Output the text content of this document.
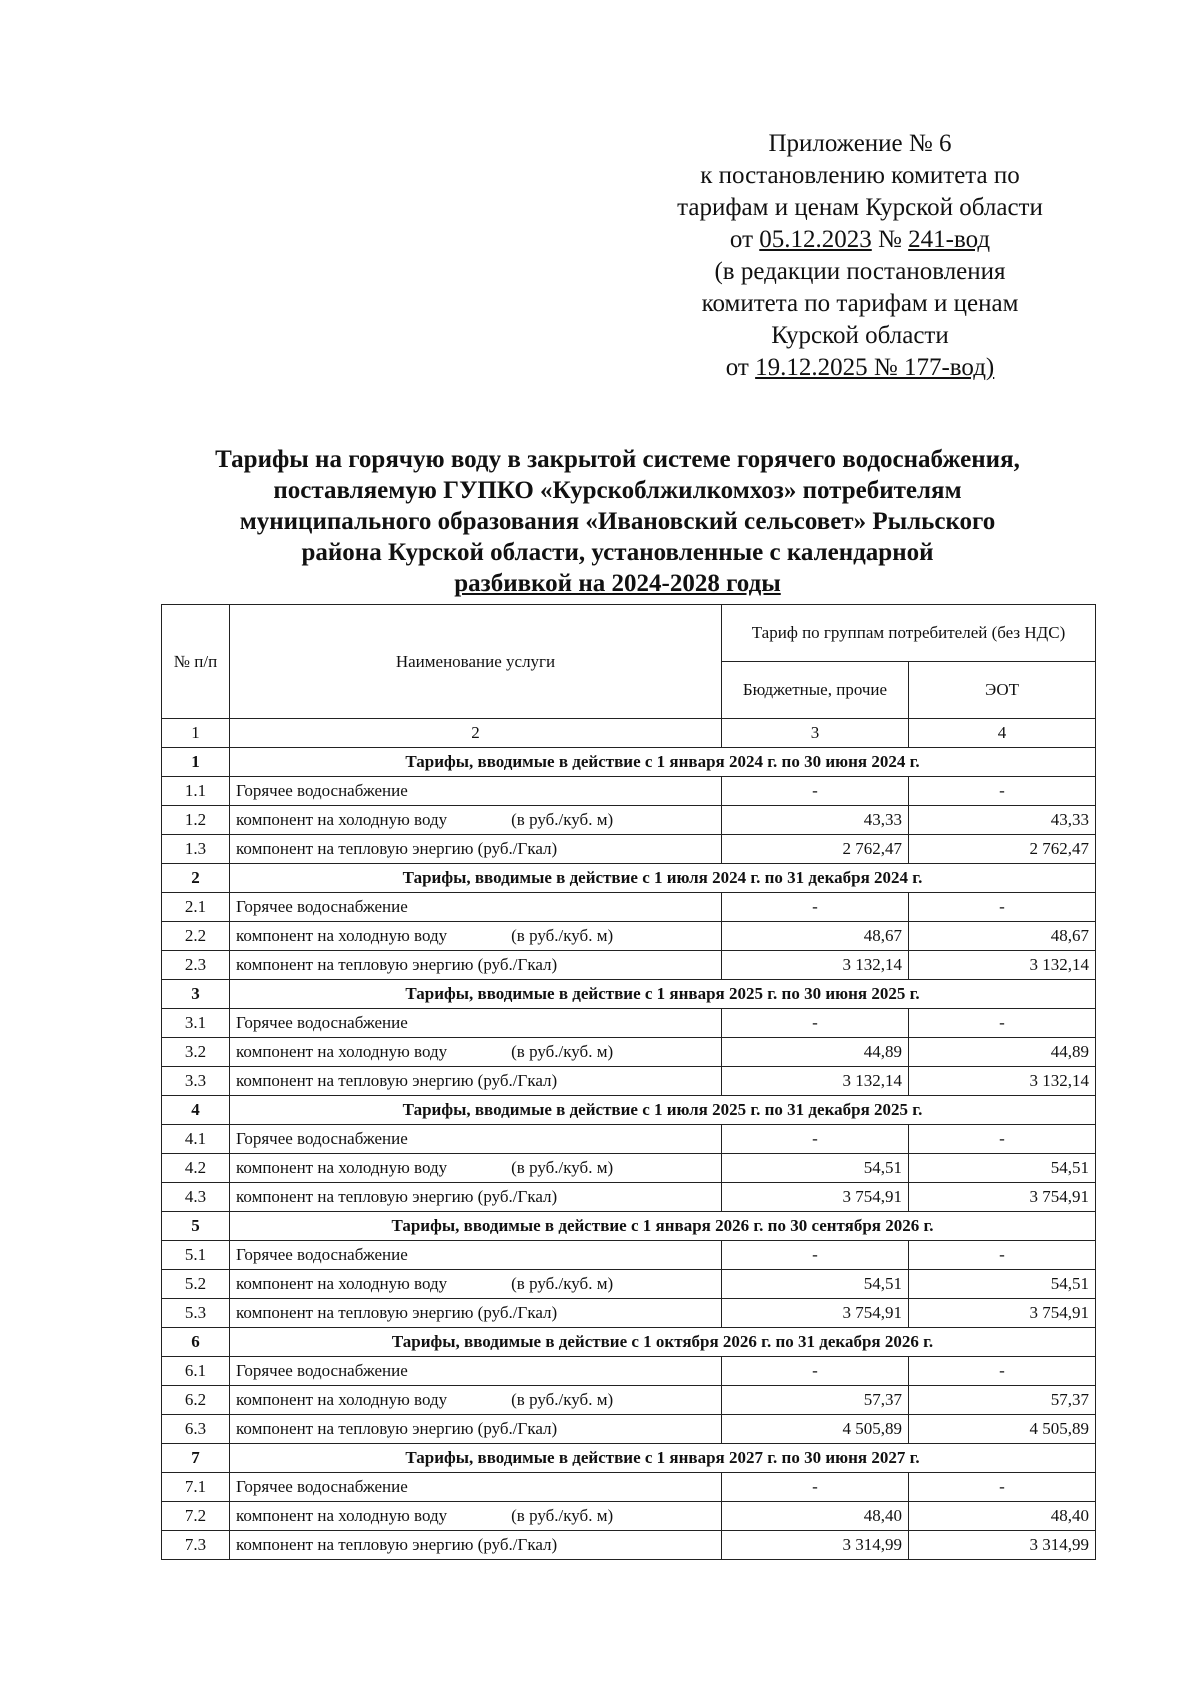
Приложение № 6
к постановлению комитета по
тарифам и ценам Курской области
от 05.12.2023 № 241-вод
(в редакции постановления
комитета по тарифам и ценам
Курской области
от 19.12.2025 № 177-вод)
Тарифы на горячую воду в закрытой системе горячего водоснабжения,
поставляемую ГУПКО «Курскоблжилкомхоз» потребителям
муниципального образования «Ивановский сельсовет» Рыльского
района Курской области, установленные с календарной
разбивкой на 2024-2028 годы
№ п/п	Наименование услуги	Тариф по группам потребителей (без НДС)	
		Бюджетные, прочие	ЭОТ
1	2	3	4
1	Тарифы, вводимые в действие с 1 января 2024 г. по 30 июня 2024 г.		
1.1	Горячее водоснабжение	-	-
1.2	компонент на холодную воду (в руб./куб. м)	43,33	43,33
1.3	компонент на тепловую энергию (руб./Гкал)	2 762,47	2 762,47
2	Тарифы, вводимые в действие с 1 июля 2024 г. по 31 декабря 2024 г.		
2.1	Горячее водоснабжение	-	-
2.2	компонент на холодную воду (в руб./куб. м)	48,67	48,67
2.3	компонент на тепловую энергию (руб./Гкал)	3 132,14	3 132,14
3	Тарифы, вводимые в действие с 1 января 2025 г. по 30 июня 2025 г.		
3.1	Горячее водоснабжение	-	-
3.2	компонент на холодную воду (в руб./куб. м)	44,89	44,89
3.3	компонент на тепловую энергию (руб./Гкал)	3 132,14	3 132,14
4	Тарифы, вводимые в действие с 1 июля 2025 г. по 31 декабря 2025 г.		
4.1	Горячее водоснабжение	-	-
4.2	компонент на холодную воду (в руб./куб. м)	54,51	54,51
4.3	компонент на тепловую энергию (руб./Гкал)	3 754,91	3 754,91
5	Тарифы, вводимые в действие с 1 января 2026 г. по 30 сентября 2026 г.		
5.1	Горячее водоснабжение	-	-
5.2	компонент на холодную воду (в руб./куб. м)	54,51	54,51
5.3	компонент на тепловую энергию (руб./Гкал)	3 754,91	3 754,91
6	Тарифы, вводимые в действие с 1 октября 2026 г. по 31 декабря 2026 г.		
6.1	Горячее водоснабжение	-	-
6.2	компонент на холодную воду (в руб./куб. м)	57,37	57,37
6.3	компонент на тепловую энергию (руб./Гкал)	4 505,89	4 505,89
7	Тарифы, вводимые в действие с 1 января 2027 г. по 30 июня 2027 г.		
7.1	Горячее водоснабжение	-	-
7.2	компонент на холодную воду (в руб./куб. м)	48,40	48,40
7.3	компонент на тепловую энергию (руб./Гкал)	3 314,99	3 314,99
